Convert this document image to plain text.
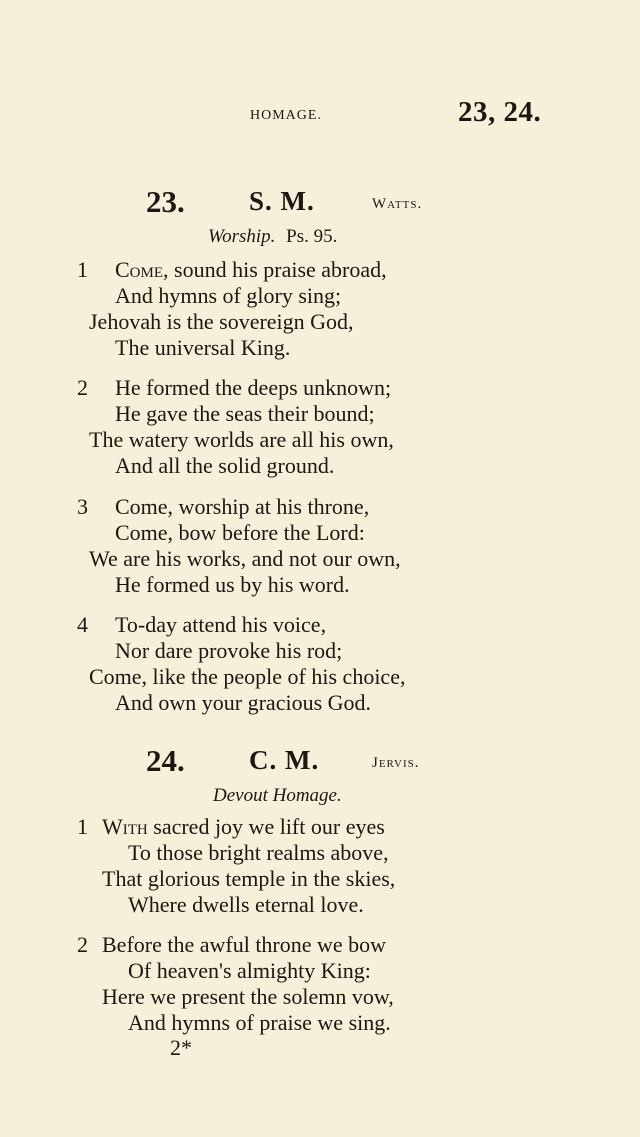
HOMAGE.	23, 24.
23. S. M.	Watts.
Worship. Ps. 95.
1 Come, sound his praise abroad,
And hymns of glory sing;
Jehovah is the sovereign God,
The universal King.
2 He formed the deeps unknown;
He gave the seas their bound;
The watery worlds are all his own,
And all the solid ground.
3 Come, worship at his throne,
Come, bow before the Lord:
We are his works, and not our own,
He formed us by his word.
4 To-day attend his voice,
Nor dare provoke his rod;
Come, like the people of his choice,
And own your gracious God.
24. C. M.	Jervis.
Devout Homage.
1 With sacred joy we lift our eyes
To those bright realms above,
That glorious temple in the skies,
Where dwells eternal love.
2 Before the awful throne we bow
Of heaven's almighty King:
Here we present the solemn vow,
And hymns of praise we sing.
2*
